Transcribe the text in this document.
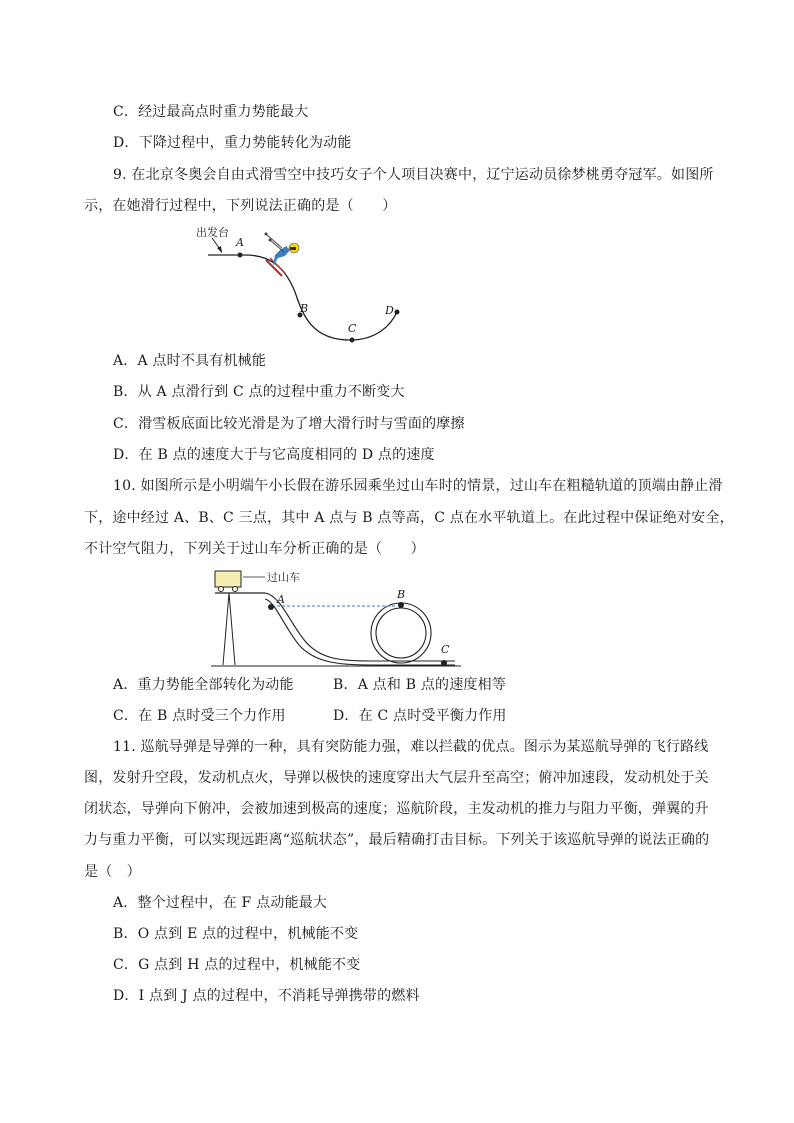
C．经过最高点时重力势能最大
D．下降过程中，重力势能转化为动能
9. 在北京冬奥会自由式滑雪空中技巧女子个人项目决赛中，辽宁运动员徐梦桃勇夺冠军。如图所
示，在她滑行过程中，下列说法正确的是（　　）
出发台
A
B
C
D
A．A 点时不具有机械能
B．从 A 点滑行到 C 点的过程中重力不断变大
C．滑雪板底面比较光滑是为了增大滑行时与雪面的摩擦
D．在 B 点的速度大于与它高度相同的 D 点的速度
10. 如图所示是小明端午小长假在游乐园乘坐过山车时的情景，过山车在粗糙轨道的顶端由静止滑
下，途中经过 A、B、C 三点，其中 A 点与 B 点等高，C 点在水平轨道上。在此过程中保证绝对安全，
不计空气阻力，下列关于过山车分析正确的是（　　）
过山车
A	B
C
A．重力势能全部转化为动能	B．A 点和 B 点的速度相等
C．在 B 点时受三个力作用	D．在 C 点时受平衡力作用
11. 巡航导弹是导弹的一种，具有突防能力强，难以拦截的优点。图示为某巡航导弹的飞行路线
图，发射升空段，发动机点火，导弹以极快的速度穿出大气层升至高空；俯冲加速段，发动机处于关
闭状态，导弹向下俯冲，会被加速到极高的速度；巡航阶段，主发动机的推力与阻力平衡，弹翼的升
力与重力平衡，可以实现远距离“巡航状态”，最后精确打击目标。下列关于该巡航导弹的说法正确的
是（　）
A．整个过程中，在 F 点动能最大
B．O 点到 E 点的过程中，机械能不变
C．G 点到 H 点的过程中，机械能不变
D．I 点到 J 点的过程中，不消耗导弹携带的燃料
